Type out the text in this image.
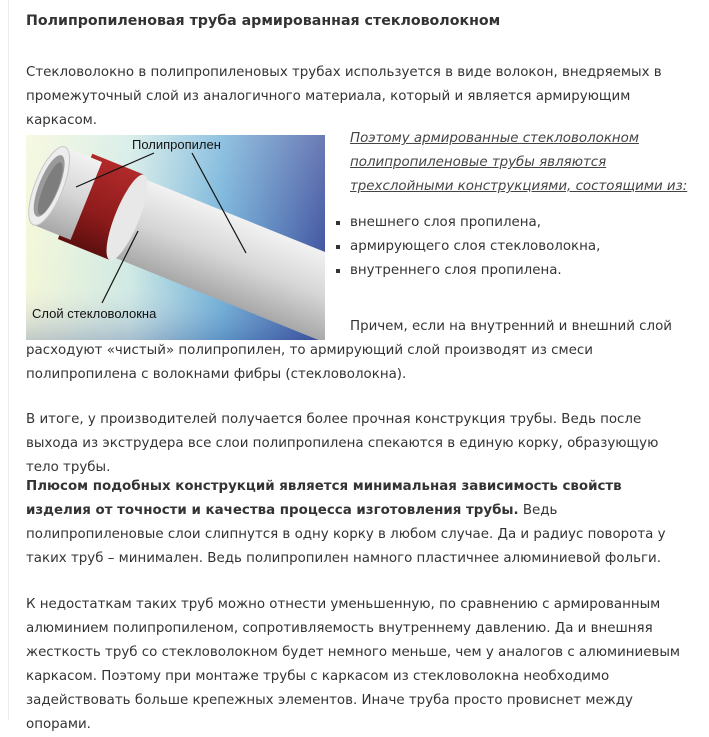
Полипропиленовая труба армированная стекловолокном

Стекловолокно в полипропиленовых трубах используется в виде волокон, внедряемых в промежуточный слой из аналогичного материала, который и является армирующим каркасом.

Полипропилен
Слой стекловолокна

Поэтому армированные стекловолокном полипропиленовые трубы являются трехслойными конструкциями, состоящими из:

внешнего слоя пропилена,
армирующего слоя стекловолокна,
внутреннего слоя пропилена.

Причем, если на внутренний и внешний слой расходуют «чистый» полипропилен, то армирующий слой производят из смеси полипропилена с волокнами фибры (стекловолокна).

В итоге, у производителей получается более прочная конструкция трубы. Ведь после выхода из экструдера все слои полипропилена спекаются в единую корку, образующую тело трубы.

Плюсом подобных конструкций является минимальная зависимость свойств изделия от точности и качества процесса изготовления трубы. Ведь полипропиленовые слои слипнутся в одну корку в любом случае. Да и радиус поворота у таких труб – минимален. Ведь полипропилен намного пластичнее алюминиевой фольги.

К недостаткам таких труб можно отнести уменьшенную, по сравнению с армированным алюминием полипропиленом, сопротивляемость внутреннему давлению. Да и внешняя жесткость труб со стекловолокном будет немного меньше, чем у аналогов с алюминиевым каркасом. Поэтому при монтаже трубы с каркасом из стекловолокна необходимо задействовать больше крепежных элементов. Иначе труба просто провиснет между опорами.
